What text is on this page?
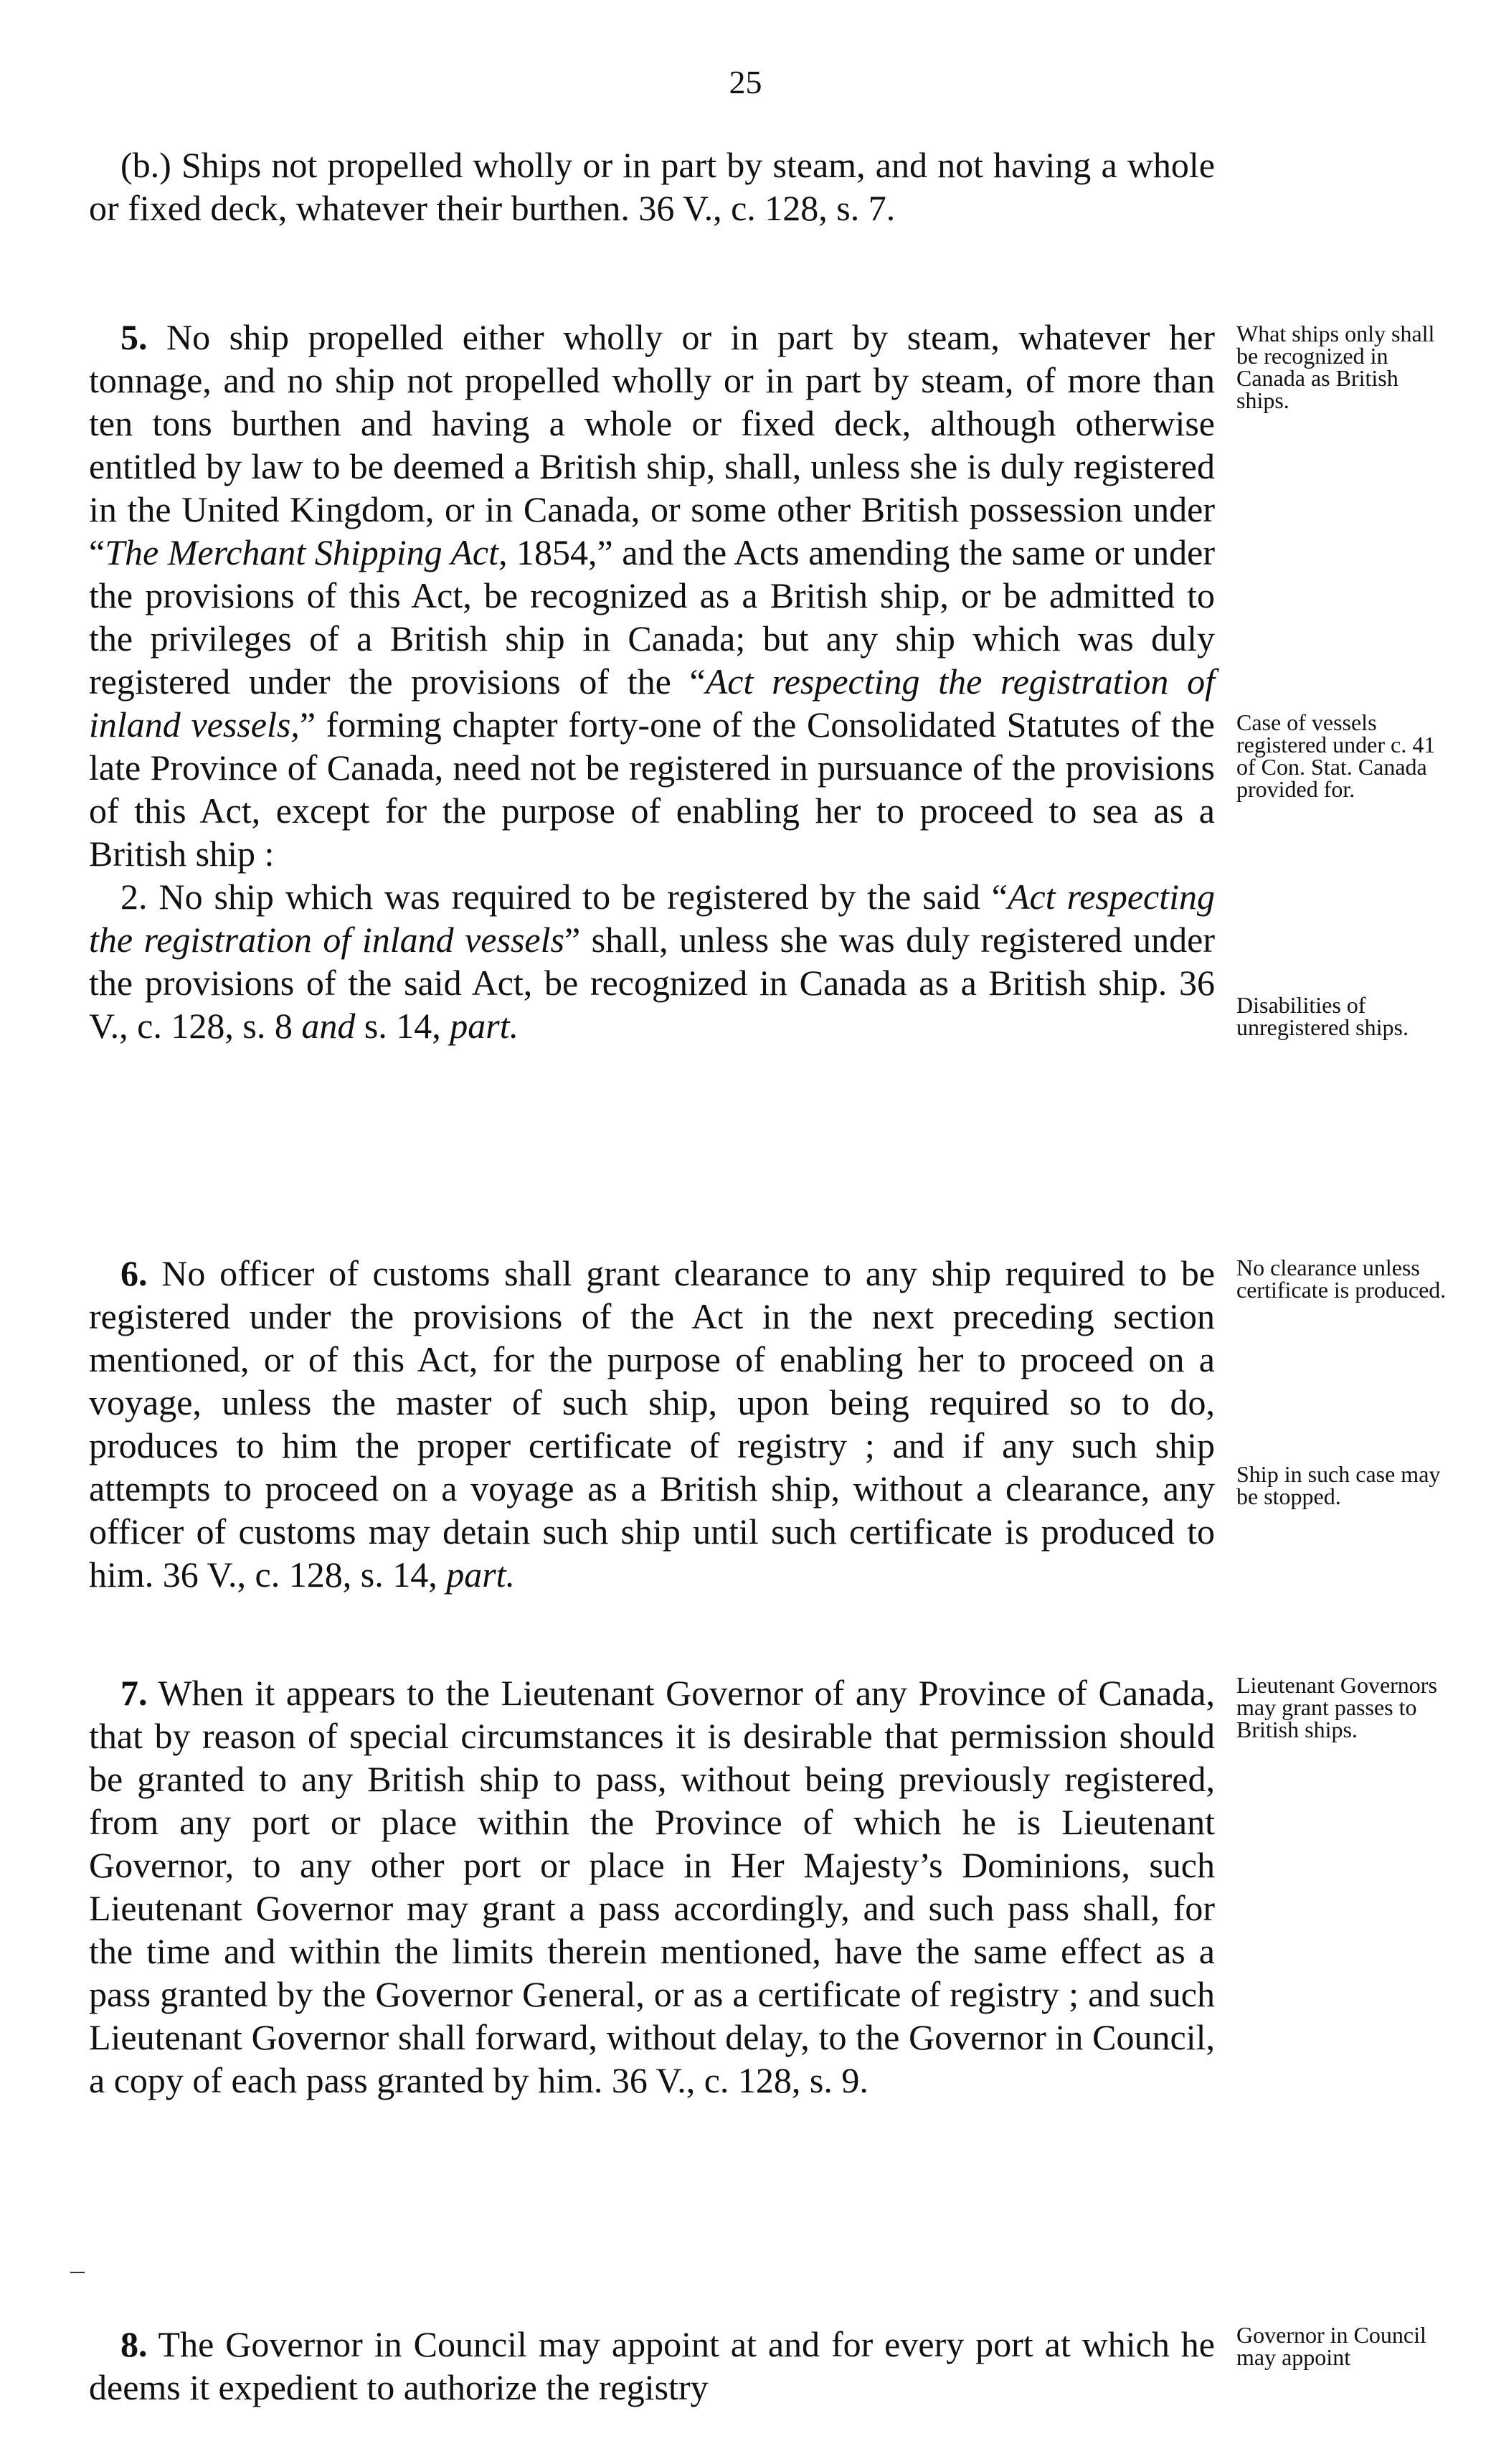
25

(b.) Ships not propelled wholly or in part by steam, and not having a whole or fixed deck, whatever their burthen. 36 V., c. 128, s. 7.

5. No ship propelled either wholly or in part by steam, whatever her tonnage, and no ship not propelled wholly or in part by steam, of more than ten tons burthen and having a whole or fixed deck, although otherwise entitled by law to be deemed a British ship, shall, unless she is duly registered in the United Kingdom, or in Canada, or some other British possession under “The Merchant Shipping Act, 1854,” and the Acts amending the same or under the provisions of this Act, be recognized as a British ship, or be admitted to the privileges of a British ship in Canada; but any ship which was duly registered under the provisions of the “Act respecting the registration of inland vessels,” forming chapter forty-one of the Consolidated Statutes of the late Province of Canada, need not be registered in pursuance of the provisions of this Act, except for the purpose of enabling her to proceed to sea as a British ship :

2. No ship which was required to be registered by the said “Act respecting the registration of inland vessels” shall, unless she was duly registered under the provisions of the said Act, be recognized in Canada as a British ship. 36 V., c. 128, s. 8 and s. 14, part.

6. No officer of customs shall grant clearance to any ship required to be registered under the provisions of the Act in the next preceding section mentioned, or of this Act, for the purpose of enabling her to proceed on a voyage, unless the master of such ship, upon being required so to do, produces to him the proper certificate of registry ; and if any such ship attempts to proceed on a voyage as a British ship, without a clearance, any officer of customs may detain such ship until such certificate is produced to him. 36 V., c. 128, s. 14, part.

7. When it appears to the Lieutenant Governor of any Province of Canada, that by reason of special circumstances it is desirable that permission should be granted to any British ship to pass, without being previously registered, from any port or place within the Province of which he is Lieutenant Governor, to any other port or place in Her Majesty’s Dominions, such Lieutenant Governor may grant a pass accordingly, and such pass shall, for the time and within the limits therein mentioned, have the same effect as a pass granted by the Governor General, or as a certificate of registry ; and such Lieutenant Governor shall forward, without delay, to the Governor in Council, a copy of each pass granted by him. 36 V., c. 128, s. 9.

8. The Governor in Council may appoint at and for every port at which he deems it expedient to authorize the registry

What ships only shall be recognized in Canada as British ships.
Case of vessels registered under c. 41 of Con. Stat. Canada provided for.
Disabilities of unregistered ships.
No clearance unless certificate is produced.
Ship in such case may be stopped.
Lieutenant Governors may grant passes to British ships.
Governor in Council may appoint
